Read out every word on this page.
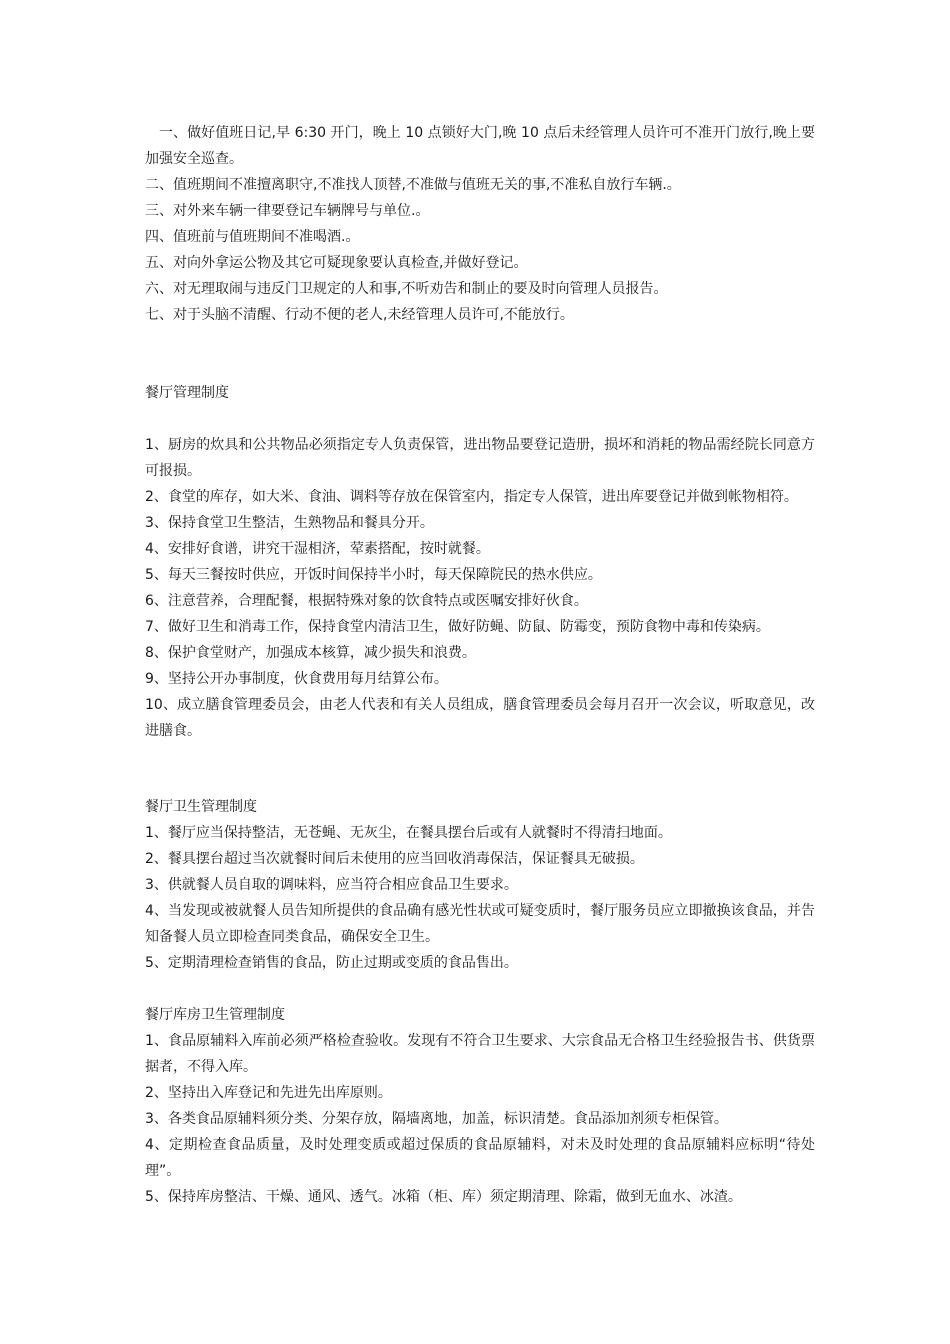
一、做好值班日记,早 6:30 开门，晚上 10 点锁好大门,晚 10 点后未经管理人员许可不准开门放行,晚上要加强安全巡查。

二、值班期间不准擅离职守,不准找人顶替,不准做与值班无关的事,不准私自放行车辆.。

三、对外来车辆一律要登记车辆牌号与单位.。

四、值班前与值班期间不准喝酒.。

五、对向外拿运公物及其它可疑现象要认真检查,并做好登记。

六、对无理取闹与违反门卫规定的人和事,不听劝告和制止的要及时向管理人员报告。

七、对于头脑不清醒、行动不便的老人,未经管理人员许可,不能放行。

餐厅管理制度

1、厨房的炊具和公共物品必须指定专人负责保管，进出物品要登记造册，损坏和消耗的物品需经院长同意方可报损。

2、食堂的库存，如大米、食油、调料等存放在保管室内，指定专人保管，进出库要登记并做到帐物相符。

3、保持食堂卫生整洁，生熟物品和餐具分开。

4、安排好食谱，讲究干湿相济，荤素搭配，按时就餐。

5、每天三餐按时供应，开饭时间保持半小时，每天保障院民的热水供应。

6、注意营养，合理配餐，根据特殊对象的饮食特点或医嘱安排好伙食。

7、做好卫生和消毒工作，保持食堂内清洁卫生，做好防蝇、防鼠、防霉变，预防食物中毒和传染病。

8、保护食堂财产，加强成本核算，减少损失和浪费。

9、坚持公开办事制度，伙食费用每月结算公布。

10、成立膳食管理委员会，由老人代表和有关人员组成，膳食管理委员会每月召开一次会议，听取意见，改进膳食。

餐厅卫生管理制度

1、餐厅应当保持整洁，无苍蝇、无灰尘，在餐具摆台后或有人就餐时不得清扫地面。

2、餐具摆台超过当次就餐时间后未使用的应当回收消毒保洁，保证餐具无破损。

3、供就餐人员自取的调味料，应当符合相应食品卫生要求。

4、当发现或被就餐人员告知所提供的食品确有感光性状或可疑变质时，餐厅服务员应立即撤换该食品，并告知备餐人员立即检查同类食品，确保安全卫生。

5、定期清理检查销售的食品，防止过期或变质的食品售出。

餐厅库房卫生管理制度

1、食品原辅料入库前必须严格检查验收。发现有不符合卫生要求、大宗食品无合格卫生经验报告书、供货票据者，不得入库。

2、坚持出入库登记和先进先出库原则。

3、各类食品原辅料须分类、分架存放，隔墙离地，加盖，标识清楚。食品添加剂须专柜保管。

4、定期检查食品质量，及时处理变质或超过保质的食品原辅料，对未及时处理的食品原辅料应标明“待处理”。

5、保持库房整洁、干燥、通风、透气。冰箱（柜、库）须定期清理、除霜，做到无血水、冰渣。
